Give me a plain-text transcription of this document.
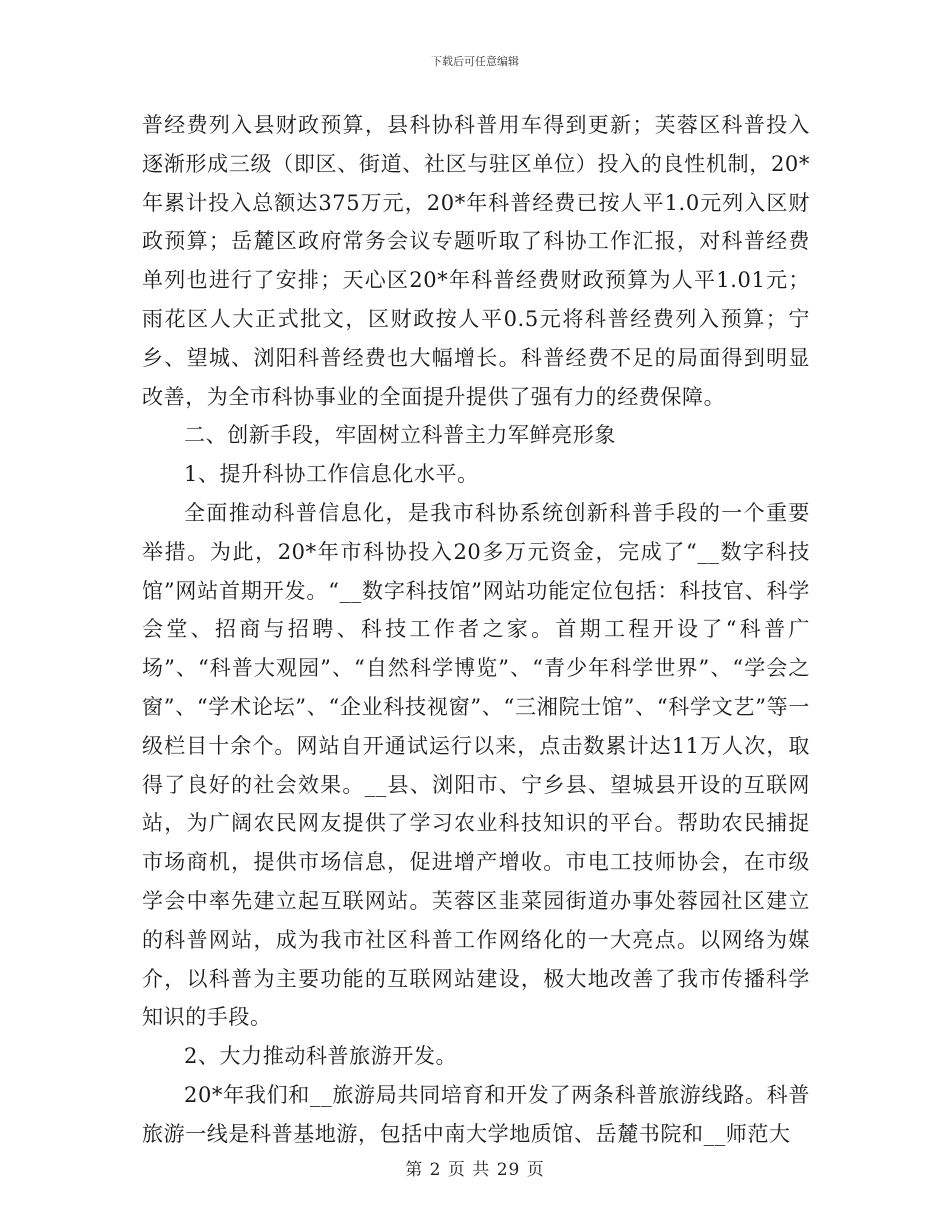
下载后可任意编辑

普经费列入县财政预算，县科协科普用车得到更新；芙蓉区科普投入逐渐形成三级（即区、街道、社区与驻区单位）投入的良性机制，20*年累计投入总额达375万元，20*年科普经费已按人平1.0元列入区财政预算；岳麓区政府常务会议专题听取了科协工作汇报，对科普经费单列也进行了安排；天心区20*年科普经费财政预算为人平1.01元；雨花区人大正式批文，区财政按人平0.5元将科普经费列入预算；宁乡、望城、浏阳科普经费也大幅增长。科普经费不足的局面得到明显改善，为全市科协事业的全面提升提供了强有力的经费保障。

二、创新手段，牢固树立科普主力军鲜亮形象

1、提升科协工作信息化水平。

全面推动科普信息化，是我市科协系统创新科普手段的一个重要举措。为此，20*年市科协投入20多万元资金，完成了“__数字科技馆”网站首期开发。“__数字科技馆”网站功能定位包括：科技官、科学会堂、招商与招聘、科技工作者之家。首期工程开设了“科普广场”、“科普大观园”、“自然科学博览”、“青少年科学世界”、“学会之窗”、“学术论坛”、“企业科技视窗”、“三湘院士馆”、“科学文艺”等一级栏目十余个。网站自开通试运行以来，点击数累计达11万人次，取得了良好的社会效果。__县、浏阳市、宁乡县、望城县开设的互联网站，为广阔农民网友提供了学习农业科技知识的平台。帮助农民捕捉市场商机，提供市场信息，促进增产增收。市电工技师协会，在市级学会中率先建立起互联网站。芙蓉区韭菜园街道办事处蓉园社区建立的科普网站，成为我市社区科普工作网络化的一大亮点。以网络为媒介，以科普为主要功能的互联网站建设，极大地改善了我市传播科学知识的手段。

2、大力推动科普旅游开发。

20*年我们和__旅游局共同培育和开发了两条科普旅游线路。科普旅游一线是科普基地游，包括中南大学地质馆、岳麓书院和__师范大

第 2 页 共 29 页
